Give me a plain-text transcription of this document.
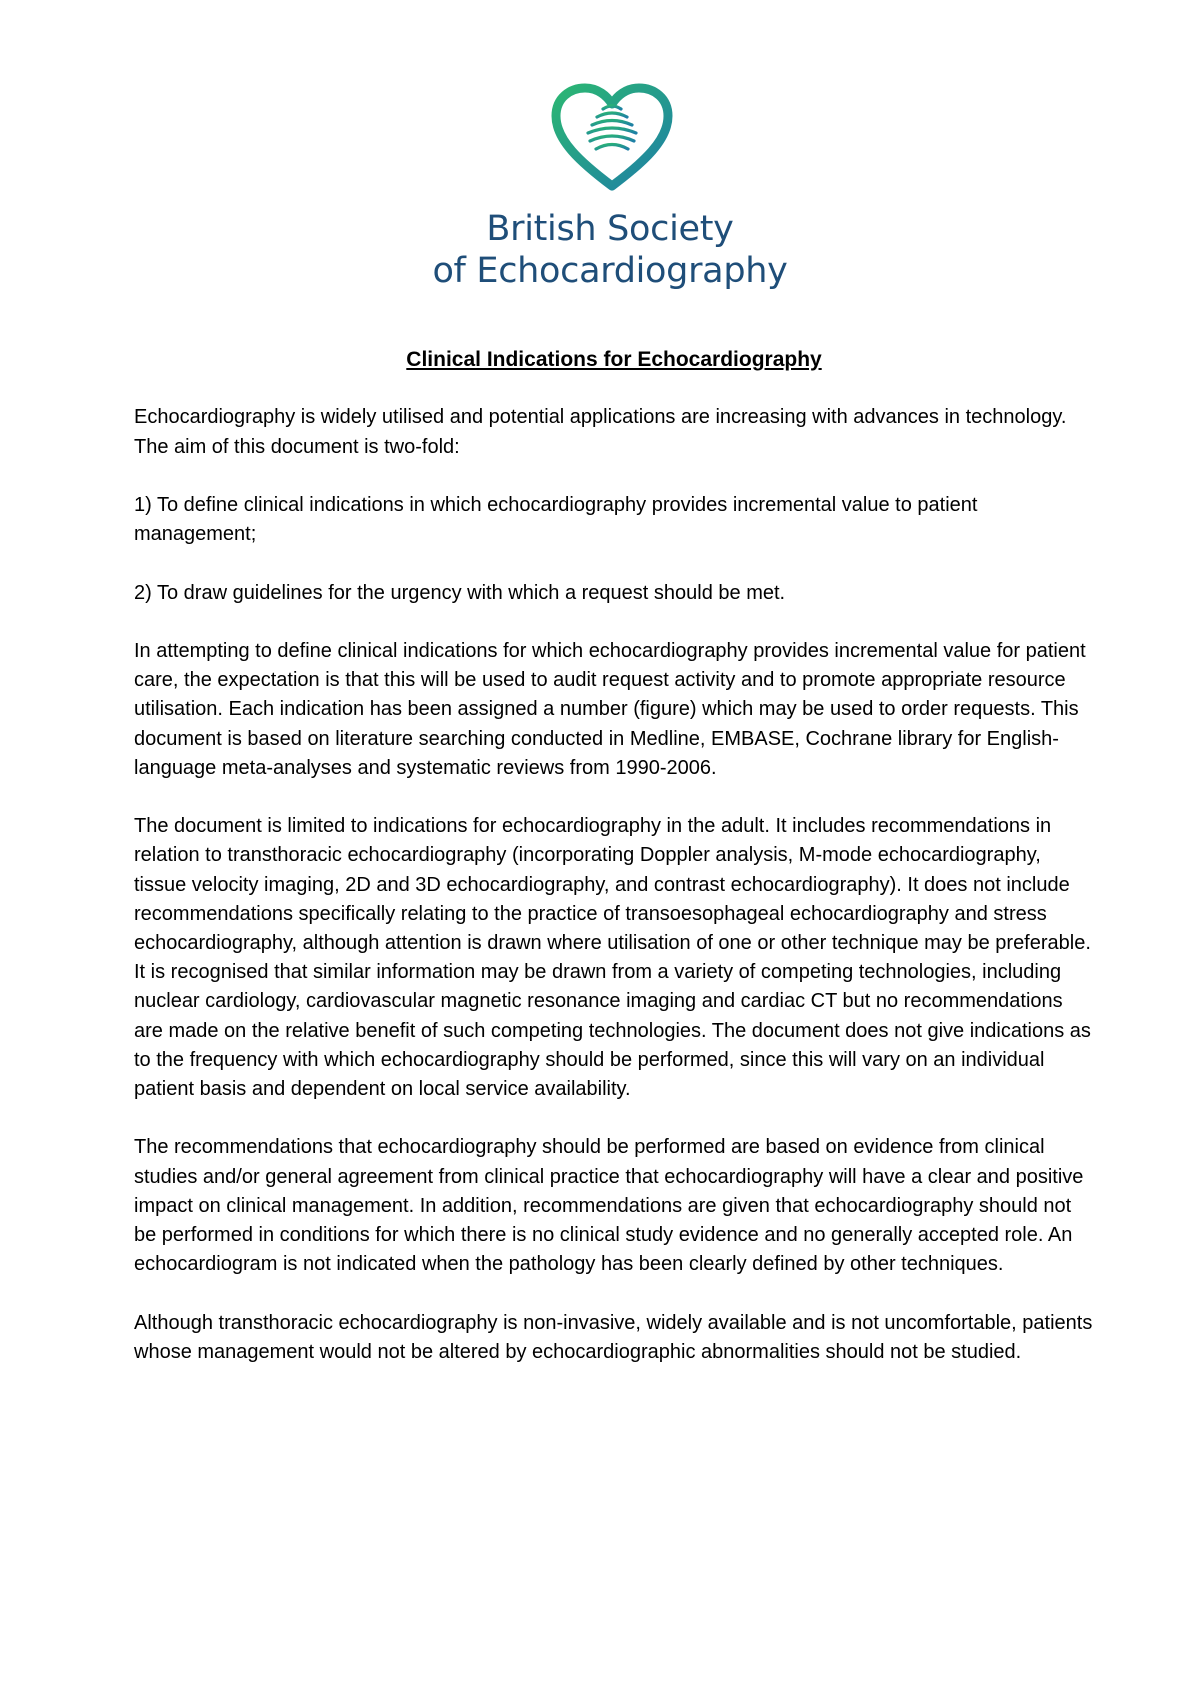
British Society
of Echocardiography
Clinical Indications for Echocardiography

Echocardiography is widely utilised and potential applications are increasing with advances in technology. The aim of this document is two-fold:

1) To define clinical indications in which echocardiography provides incremental value to patient management;

2) To draw guidelines for the urgency with which a request should be met.

In attempting to define clinical indications for which echocardiography provides incremental value for patient care, the expectation is that this will be used to audit request activity and to promote appropriate resource utilisation. Each indication has been assigned a number (figure) which may be used to order requests. This document is based on literature searching conducted in Medline, EMBASE, Cochrane library for English-language meta-analyses and systematic reviews from 1990-2006.

The document is limited to indications for echocardiography in the adult. It includes recommendations in relation to transthoracic echocardiography (incorporating Doppler analysis, M-mode echocardiography, tissue velocity imaging, 2D and 3D echocardiography, and contrast echocardiography). It does not include recommendations specifically relating to the practice of transoesophageal echocardiography and stress echocardiography, although attention is drawn where utilisation of one or other technique may be preferable. It is recognised that similar information may be drawn from a variety of competing technologies, including nuclear cardiology, cardiovascular magnetic resonance imaging and cardiac CT but no recommendations are made on the relative benefit of such competing technologies. The document does not give indications as to the frequency with which echocardiography should be performed, since this will vary on an individual patient basis and dependent on local service availability.

The recommendations that echocardiography should be performed are based on evidence from clinical studies and/or general agreement from clinical practice that echocardiography will have a clear and positive impact on clinical management. In addition, recommendations are given that echocardiography should not be performed in conditions for which there is no clinical study evidence and no generally accepted role. An echocardiogram is not indicated when the pathology has been clearly defined by other techniques.

Although transthoracic echocardiography is non-invasive, widely available and is not uncomfortable, patients whose management would not be altered by echocardiographic abnormalities should not be studied.
